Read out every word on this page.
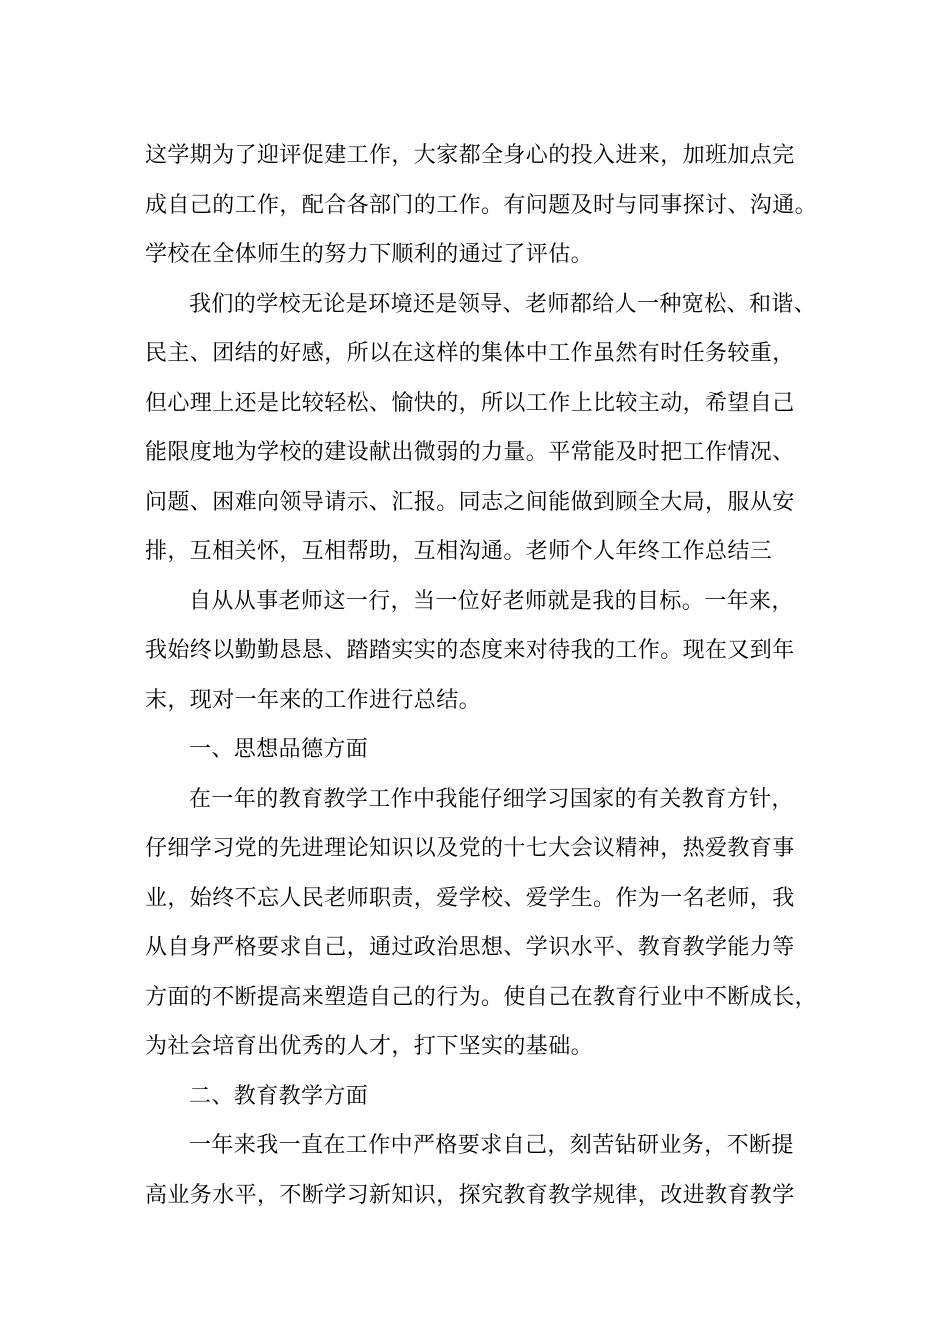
这学期为了迎评促建工作，大家都全身心的投入进来，加班加点完
成自己的工作，配合各部门的工作。有问题及时与同事探讨、沟通。
学校在全体师生的努力下顺利的通过了评估。
我们的学校无论是环境还是领导、老师都给人一种宽松、和谐、
民主、团结的好感，所以在这样的集体中工作虽然有时任务较重，
但心理上还是比较轻松、愉快的，所以工作上比较主动，希望自己
能限度地为学校的建设献出微弱的力量。平常能及时把工作情况、
问题、困难向领导请示、汇报。同志之间能做到顾全大局，服从安
排，互相关怀，互相帮助，互相沟通。老师个人年终工作总结三
自从从事老师这一行，当一位好老师就是我的目标。一年来，
我始终以勤勤恳恳、踏踏实实的态度来对待我的工作。现在又到年
末，现对一年来的工作进行总结。
一、思想品德方面
在一年的教育教学工作中我能仔细学习国家的有关教育方针，
仔细学习党的先进理论知识以及党的十七大会议精神，热爱教育事
业，始终不忘人民老师职责，爱学校、爱学生。作为一名老师，我
从自身严格要求自己，通过政治思想、学识水平、教育教学能力等
方面的不断提高来塑造自己的行为。使自己在教育行业中不断成长，
为社会培育出优秀的人才，打下坚实的基础。
二、教育教学方面
一年来我一直在工作中严格要求自己，刻苦钻研业务，不断提
高业务水平，不断学习新知识，探究教育教学规律，改进教育教学
